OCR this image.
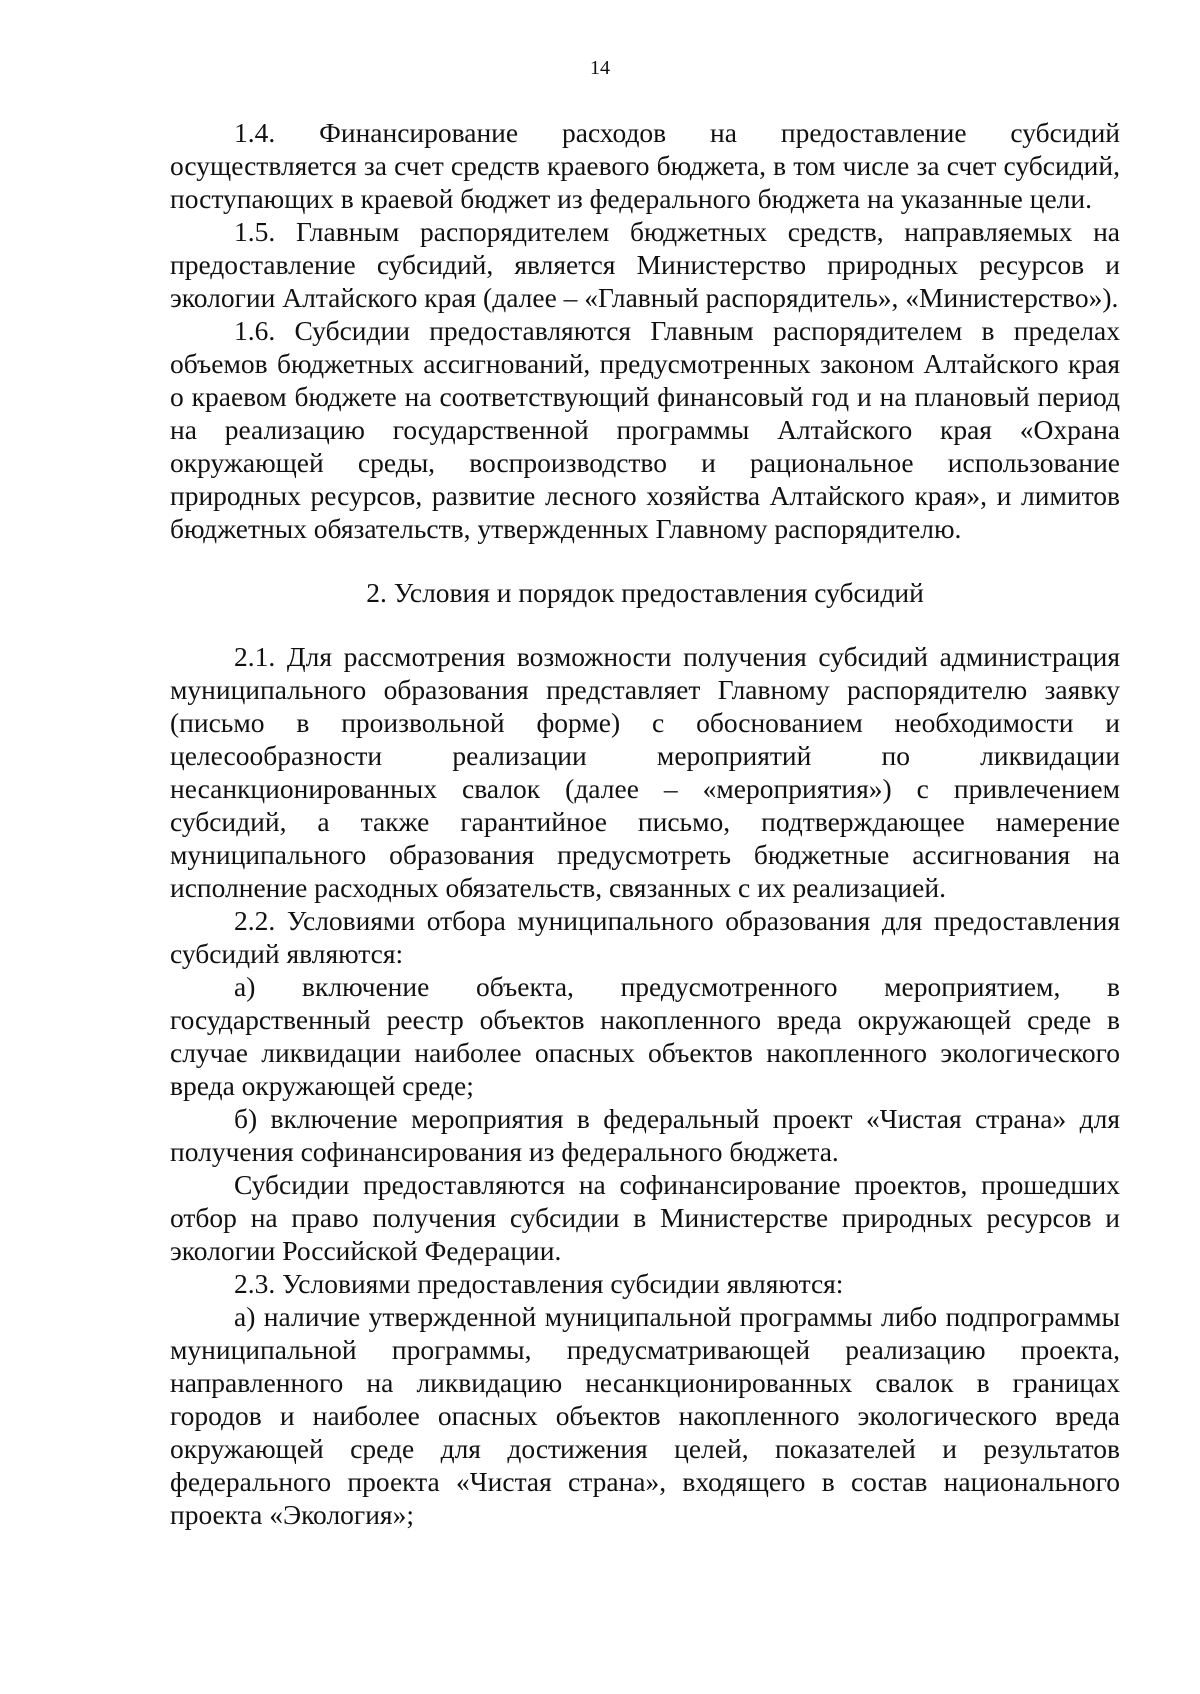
14

1.4. Финансирование расходов на предоставление субсидий осуществляется за счет средств краевого бюджета, в том числе за счет субсидий, поступающих в краевой бюджет из федерального бюджета на указанные цели.

1.5. Главным распорядителем бюджетных средств, направляемых на предоставление субсидий, является Министерство природных ресурсов и экологии Алтайского края (далее – «Главный распорядитель», «Министерство»).

1.6. Субсидии предоставляются Главным распорядителем в пределах объемов бюджетных ассигнований, предусмотренных законом Алтайского края о краевом бюджете на соответствующий финансовый год и на плановый период на реализацию государственной программы Алтайского края «Охрана окружающей среды, воспроизводство и рациональное использование природных ресурсов, развитие лесного хозяйства Алтайского края», и лимитов бюджетных обязательств, утвержденных Главному распорядителю.

2. Условия и порядок предоставления субсидий

2.1. Для рассмотрения возможности получения субсидий администрация муниципального образования представляет Главному распорядителю заявку (письмо в произвольной форме) с обоснованием необходимости и целесообразности реализации мероприятий по ликвидации несанкционированных свалок (далее – «мероприятия») с привлечением субсидий, а также гарантийное письмо, подтверждающее намерение муниципального образования предусмотреть бюджетные ассигнования на исполнение расходных обязательств, связанных с их реализацией.

2.2. Условиями отбора муниципального образования для предоставления субсидий являются:

а) включение объекта, предусмотренного мероприятием, в государственный реестр объектов накопленного вреда окружающей среде в случае ликвидации наиболее опасных объектов накопленного экологического вреда окружающей среде;

б) включение мероприятия в федеральный проект «Чистая страна» для получения софинансирования из федерального бюджета.

Субсидии предоставляются на софинансирование проектов, прошедших отбор на право получения субсидии в Министерстве природных ресурсов и экологии Российской Федерации.

2.3. Условиями предоставления субсидии являются:

а) наличие утвержденной муниципальной программы либо подпрограммы муниципальной программы, предусматривающей реализацию проекта, направленного на ликвидацию несанкционированных свалок в границах городов и наиболее опасных объектов накопленного экологического вреда окружающей среде для достижения целей, показателей и результатов федерального проекта «Чистая страна», входящего в состав национального проекта «Экология»;
